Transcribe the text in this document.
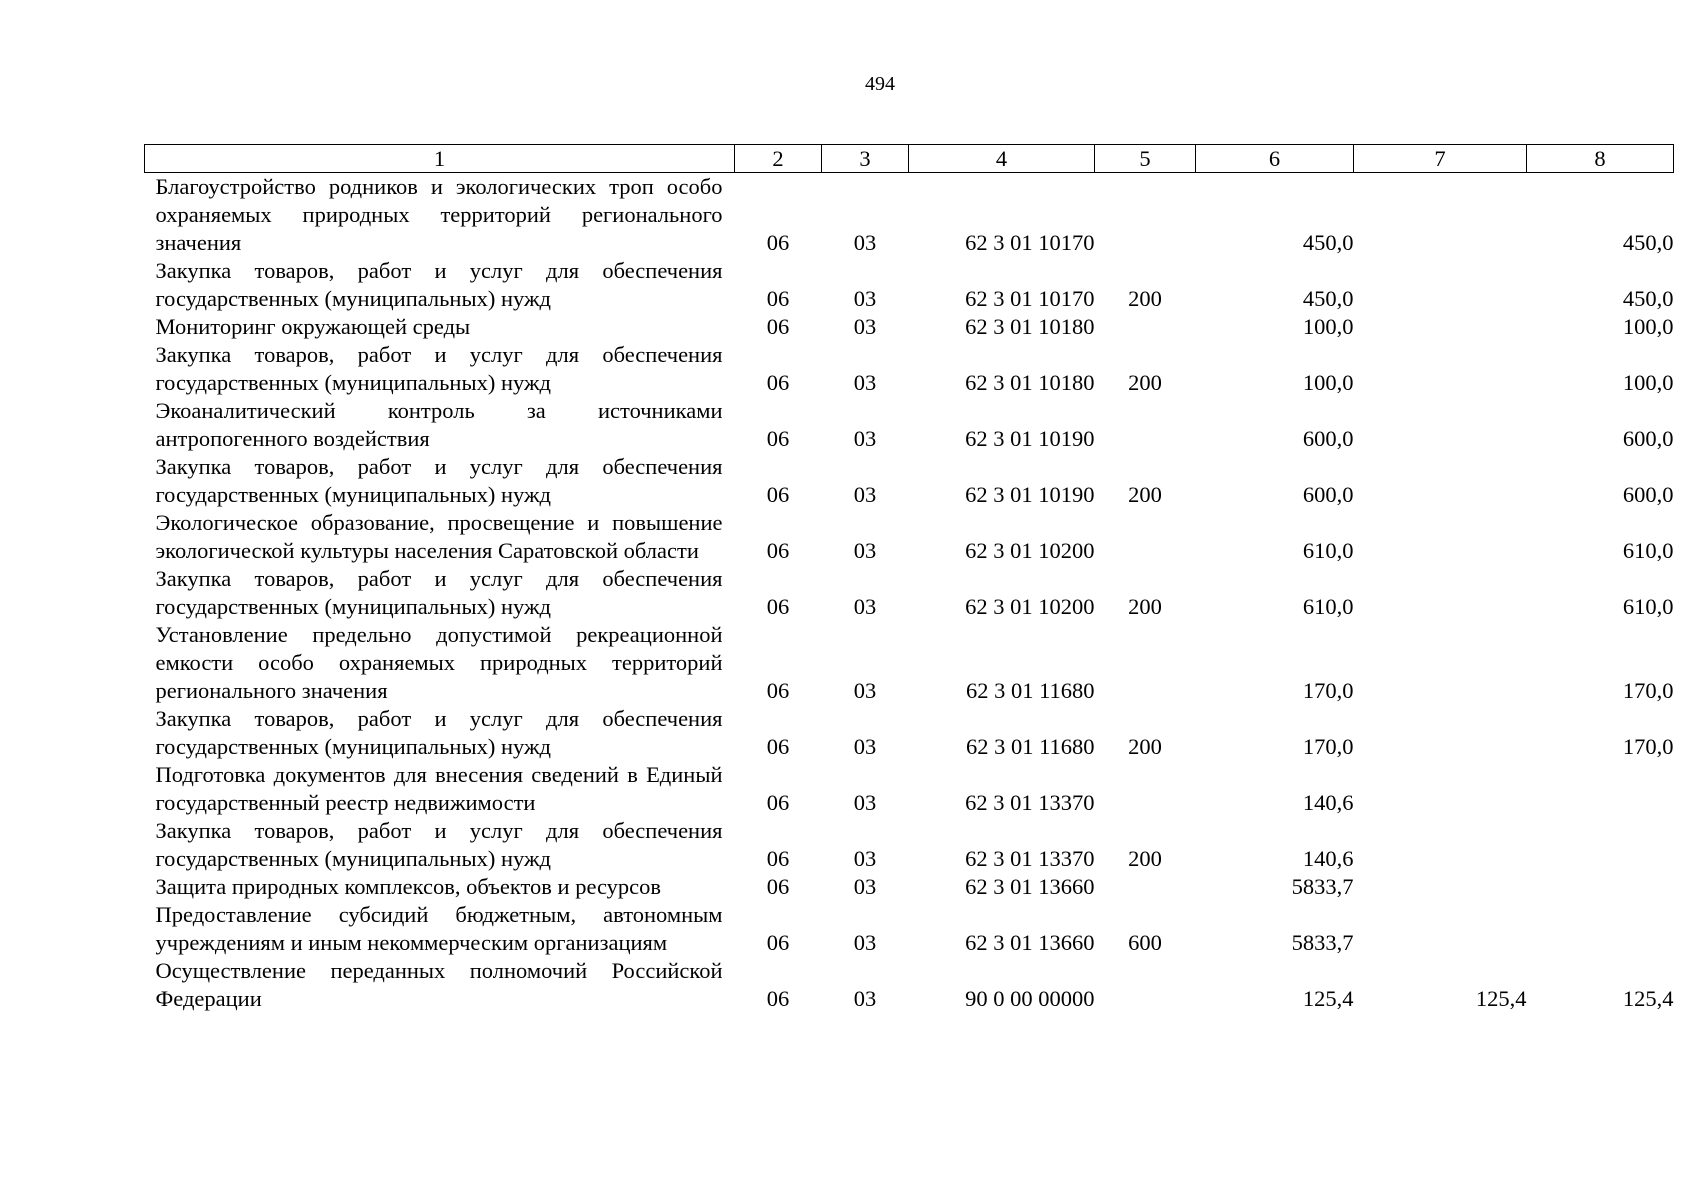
494
1	2	3	4	5	6	7	8
Благоустройство родников и экологических троп особо охраняемых природных территорий регионального значения	06	03	62 3 01 10170		450,0		450,0
Закупка товаров, работ и услуг для обеспечения государственных (муниципальных) нужд	06	03	62 3 01 10170	200	450,0		450,0
Мониторинг окружающей среды	06	03	62 3 01 10180		100,0		100,0
Закупка товаров, работ и услуг для обеспечения государственных (муниципальных) нужд	06	03	62 3 01 10180	200	100,0		100,0
Экоаналитический контроль за источниками антропогенного воздействия	06	03	62 3 01 10190		600,0		600,0
Закупка товаров, работ и услуг для обеспечения государственных (муниципальных) нужд	06	03	62 3 01 10190	200	600,0		600,0
Экологическое образование, просвещение и повышение экологической культуры населения Саратовской области	06	03	62 3 01 10200		610,0		610,0
Закупка товаров, работ и услуг для обеспечения государственных (муниципальных) нужд	06	03	62 3 01 10200	200	610,0		610,0
Установление предельно допустимой рекреационной емкости особо охраняемых природных территорий регионального значения	06	03	62 3 01 11680		170,0		170,0
Закупка товаров, работ и услуг для обеспечения государственных (муниципальных) нужд	06	03	62 3 01 11680	200	170,0		170,0
Подготовка документов для внесения сведений в Единый государственный реестр недвижимости	06	03	62 3 01 13370		140,6		
Закупка товаров, работ и услуг для обеспечения государственных (муниципальных) нужд	06	03	62 3 01 13370	200	140,6		
Защита природных комплексов, объектов и ресурсов	06	03	62 3 01 13660		5833,7		
Предоставление субсидий бюджетным, автономным учреждениям и иным некоммерческим организациям	06	03	62 3 01 13660	600	5833,7		
Осуществление переданных полномочий Российской Федерации	06	03	90 0 00 00000		125,4	125,4	125,4
